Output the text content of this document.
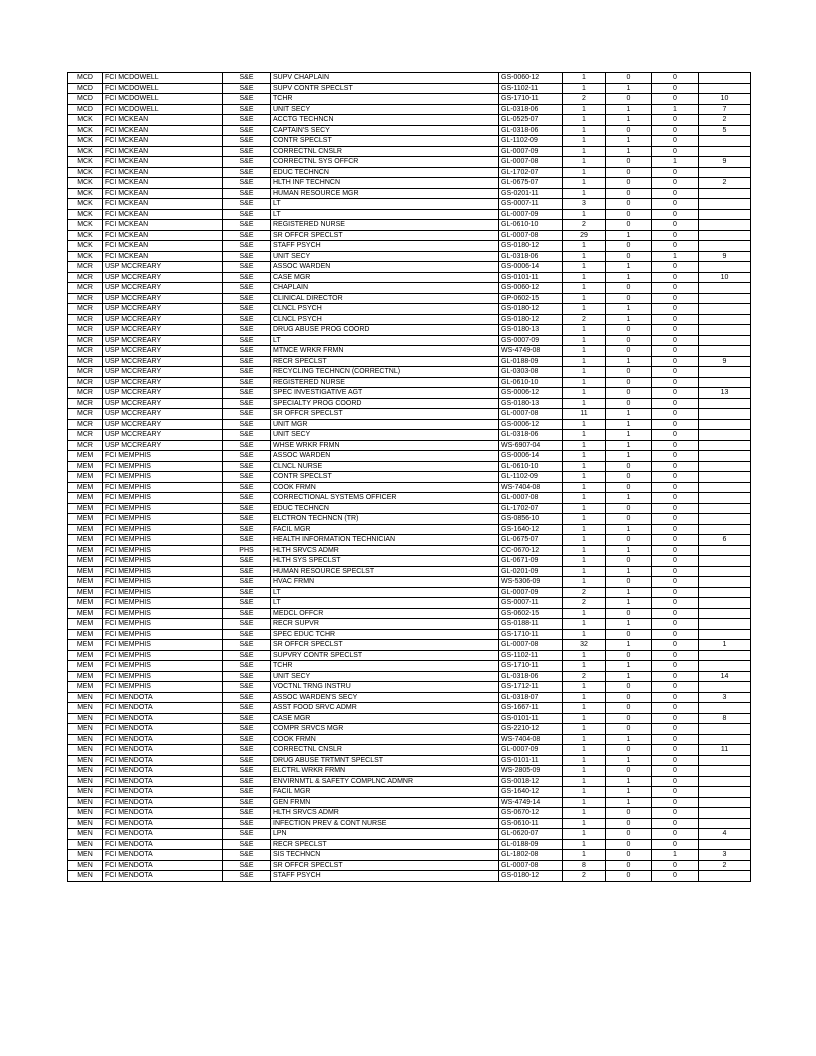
MCD	FCI MCDOWELL	S&E	SUPV CHAPLAIN	GS-0060-12	1	0	0	
MCD	FCI MCDOWELL	S&E	SUPV CONTR SPECLST	GS-1102-11	1	1	0	
MCD	FCI MCDOWELL	S&E	TCHR	GS-1710-11	2	0	0	10
MCD	FCI MCDOWELL	S&E	UNIT SECY	GL-0318-06	1	1	1	7
MCK	FCI MCKEAN	S&E	ACCTG TECHNCN	GL-0525-07	1	1	0	2
MCK	FCI MCKEAN	S&E	CAPTAIN'S SECY	GL-0318-06	1	0	0	5
MCK	FCI MCKEAN	S&E	CONTR SPECLST	GL-1102-09	1	1	0	
MCK	FCI MCKEAN	S&E	CORRECTNL CNSLR	GL-0007-09	1	1	0	
MCK	FCI MCKEAN	S&E	CORRECTNL SYS OFFCR	GL-0007-08	1	0	1	9
MCK	FCI MCKEAN	S&E	EDUC TECHNCN	GL-1702-07	1	0	0	
MCK	FCI MCKEAN	S&E	HLTH INF TECHNCN	GL-0675-07	1	0	0	2
MCK	FCI MCKEAN	S&E	HUMAN RESOURCE MGR	GS-0201-11	1	0	0	
MCK	FCI MCKEAN	S&E	LT	GS-0007-11	3	0	0	
MCK	FCI MCKEAN	S&E	LT	GL-0007-09	1	0	0	
MCK	FCI MCKEAN	S&E	REGISTERED NURSE	GL-0610-10	2	0	0	
MCK	FCI MCKEAN	S&E	SR OFFCR SPECLST	GL-0007-08	29	1	0	
MCK	FCI MCKEAN	S&E	STAFF PSYCH	GS-0180-12	1	0	0	
MCK	FCI MCKEAN	S&E	UNIT SECY	GL-0318-06	1	0	1	9
MCR	USP MCCREARY	S&E	ASSOC WARDEN	GS-0006-14	1	1	0	
MCR	USP MCCREARY	S&E	CASE MGR	GS-0101-11	1	1	0	10
MCR	USP MCCREARY	S&E	CHAPLAIN	GS-0060-12	1	0	0	
MCR	USP MCCREARY	S&E	CLINICAL DIRECTOR	GP-0602-15	1	0	0	
MCR	USP MCCREARY	S&E	CLNCL PSYCH	GS-0180-12	1	1	0	
MCR	USP MCCREARY	S&E	CLNCL PSYCH	GS-0180-12	2	1	0	
MCR	USP MCCREARY	S&E	DRUG ABUSE PROG COORD	GS-0180-13	1	0	0	
MCR	USP MCCREARY	S&E	LT	GS-0007-09	1	0	0	
MCR	USP MCCREARY	S&E	MTNCE WRKR FRMN	WS-4749-08	1	0	0	
MCR	USP MCCREARY	S&E	RECR SPECLST	GL-0188-09	1	1	0	9
MCR	USP MCCREARY	S&E	RECYCLING TECHNCN (CORRECTNL)	GL-0303-08	1	0	0	
MCR	USP MCCREARY	S&E	REGISTERED NURSE	GL-0610-10	1	0	0	
MCR	USP MCCREARY	S&E	SPEC INVESTIGATIVE AGT	GS-0006-12	1	0	0	13
MCR	USP MCCREARY	S&E	SPECIALTY PROG COORD	GS-0180-13	1	0	0	
MCR	USP MCCREARY	S&E	SR OFFCR SPECLST	GL-0007-08	11	1	0	
MCR	USP MCCREARY	S&E	UNIT MGR	GS-0006-12	1	1	0	
MCR	USP MCCREARY	S&E	UNIT SECY	GL-0318-06	1	1	0	
MCR	USP MCCREARY	S&E	WHSE WRKR FRMN	WS-6907-04	1	1	0	
MEM	FCI MEMPHIS	S&E	ASSOC WARDEN	GS-0006-14	1	1	0	
MEM	FCI MEMPHIS	S&E	CLNCL NURSE	GL-0610-10	1	0	0	
MEM	FCI MEMPHIS	S&E	CONTR SPECLST	GL-1102-09	1	0	0	
MEM	FCI MEMPHIS	S&E	COOK FRMN	WS-7404-08	1	0	0	
MEM	FCI MEMPHIS	S&E	CORRECTIONAL SYSTEMS OFFICER	GL-0007-08	1	1	0	
MEM	FCI MEMPHIS	S&E	EDUC TECHNCN	GL-1702-07	1	0	0	
MEM	FCI MEMPHIS	S&E	ELCTRON TECHNCN (TR)	GS-0856-10	1	0	0	
MEM	FCI MEMPHIS	S&E	FACIL MGR	GS-1640-12	1	1	0	
MEM	FCI MEMPHIS	S&E	HEALTH INFORMATION TECHNICIAN	GL-0675-07	1	0	0	6
MEM	FCI MEMPHIS	PHS	HLTH SRVCS ADMR	CC-0670-12	1	1	0	
MEM	FCI MEMPHIS	S&E	HLTH SYS SPECLST	GL-0671-09	1	0	0	
MEM	FCI MEMPHIS	S&E	HUMAN RESOURCE SPECLST	GL-0201-09	1	1	0	
MEM	FCI MEMPHIS	S&E	HVAC FRMN	WS-5306-09	1	0	0	
MEM	FCI MEMPHIS	S&E	LT	GL-0007-09	2	1	0	
MEM	FCI MEMPHIS	S&E	LT	GS-0007-11	2	1	0	
MEM	FCI MEMPHIS	S&E	MEDCL OFFCR	GS-0602-15	1	0	0	
MEM	FCI MEMPHIS	S&E	RECR SUPVR	GS-0188-11	1	1	0	
MEM	FCI MEMPHIS	S&E	SPEC EDUC TCHR	GS-1710-11	1	0	0	
MEM	FCI MEMPHIS	S&E	SR OFFCR SPECLST	GL-0007-08	32	1	0	1
MEM	FCI MEMPHIS	S&E	SUPVRY CONTR SPECLST	GS-1102-11	1	0	0	
MEM	FCI MEMPHIS	S&E	TCHR	GS-1710-11	1	1	0	
MEM	FCI MEMPHIS	S&E	UNIT SECY	GL-0318-06	2	1	0	14
MEM	FCI MEMPHIS	S&E	VOCTNL TRNG INSTRU	GS-1712-11	1	0	0	
MEN	FCI MENDOTA	S&E	ASSOC WARDEN'S SECY	GL-0318-07	1	0	0	3
MEN	FCI MENDOTA	S&E	ASST FOOD SRVC ADMR	GS-1667-11	1	0	0	
MEN	FCI MENDOTA	S&E	CASE MGR	GS-0101-11	1	0	0	8
MEN	FCI MENDOTA	S&E	COMPR SRVCS MGR	GS-2210-12	1	0	0	
MEN	FCI MENDOTA	S&E	COOK FRMN	WS-7404-08	1	1	0	
MEN	FCI MENDOTA	S&E	CORRECTNL CNSLR	GL-0007-09	1	0	0	11
MEN	FCI MENDOTA	S&E	DRUG ABUSE TRTMNT SPECLST	GS-0101-11	1	1	0	
MEN	FCI MENDOTA	S&E	ELCTRL WRKR FRMN	WS-2805-09	1	0	0	
MEN	FCI MENDOTA	S&E	ENVIRNMTL & SAFETY COMPLNC ADMNR	GS-0018-12	1	1	0	
MEN	FCI MENDOTA	S&E	FACIL MGR	GS-1640-12	1	1	0	
MEN	FCI MENDOTA	S&E	GEN FRMN	WS-4749-14	1	1	0	
MEN	FCI MENDOTA	S&E	HLTH SRVCS ADMR	GS-0670-12	1	0	0	
MEN	FCI MENDOTA	S&E	INFECTION PREV & CONT NURSE	GS-0610-11	1	0	0	
MEN	FCI MENDOTA	S&E	LPN	GL-0620-07	1	0	0	4
MEN	FCI MENDOTA	S&E	RECR SPECLST	GL-0188-09	1	0	0	
MEN	FCI MENDOTA	S&E	SIS TECHNCN	GL-1802-08	1	0	1	3
MEN	FCI MENDOTA	S&E	SR OFFCR SPECLST	GL-0007-08	8	0	0	2
MEN	FCI MENDOTA	S&E	STAFF PSYCH	GS-0180-12	2	0	0	
